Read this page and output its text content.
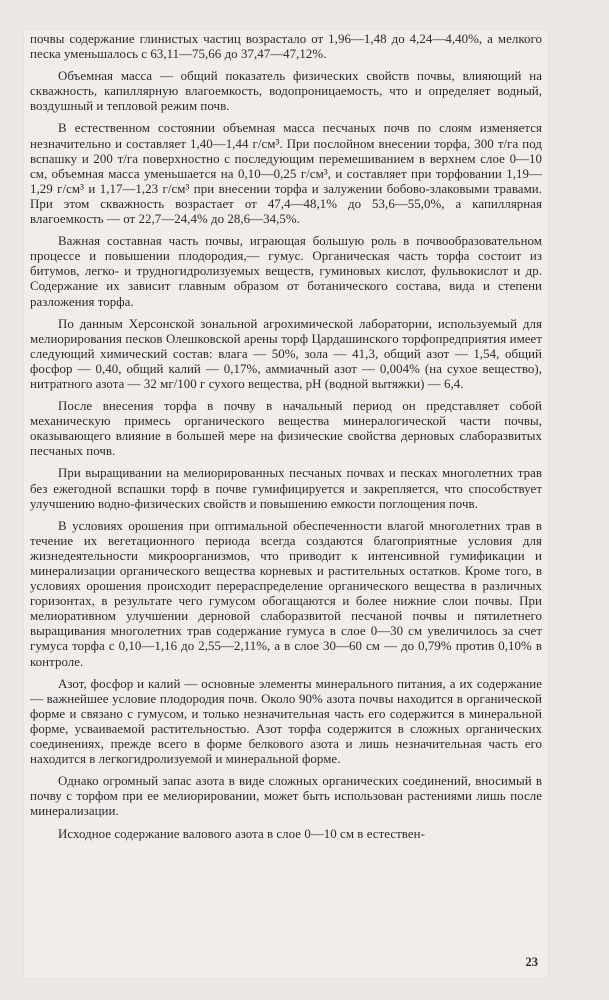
почвы содержание глинистых частиц возрастало от 1,96—1,48 до 4,24—4,40%, а мелкого песка уменьшалось с 63,11—75,66 до 37,47—47,12%.

Объемная масса — общий показатель физических свойств почвы, влияющий на скважность, капиллярную влагоемкость, водопроницаемость, что и определяет водный, воздушный и тепловой режим почв.

В естественном состоянии объемная масса песчаных почв по слоям изменяется незначительно и составляет 1,40—1,44 г/см³. При послойном внесении торфа, 300 т/га под вспашку и 200 т/га поверхностно с последующим перемешиванием в верхнем слое 0—10 см, объемная масса уменьшается на 0,10—0,25 г/см³, и составляет при торфовании 1,19—1,29 г/см³ и 1,17—1,23 г/см³ при внесении торфа и залужении бобово-злаковыми травами. При этом скважность возрастает от 47,4—48,1% до 53,6—55,0%, а капиллярная влагоемкость — от 22,7—24,4% до 28,6—34,5%.

Важная составная часть почвы, играющая большую роль в почвообразовательном процессе и повышении плодородия,— гумус. Органическая часть торфа состоит из битумов, легко- и трудногидролизуемых веществ, гуминовых кислот, фульвокислот и др. Содержание их зависит главным образом от ботанического состава, вида и степени разложения торфа.

По данным Херсонской зональной агрохимической лаборатории, используемый для мелиорирования песков Олешковской арены торф Цардашинского торфопредприятия имеет следующий химический состав: влага — 50%, зола — 41,3, общий азот — 1,54, общий фосфор — 0,40, общий калий — 0,17%, аммиачный азот — 0,004% (на сухое вещество), нитратного азота — 32 мг/100 г сухого вещества, рН (водной вытяжки) — 6,4.

После внесения торфа в почву в начальный период он представляет собой механическую примесь органического вещества минералогической части почвы, оказывающего влияние в большей мере на физические свойства дерновых слаборазвитых песчаных почв.

При выращивании на мелиорированных песчаных почвах и песках многолетних трав без ежегодной вспашки торф в почве гумифицируется и закрепляется, что способствует улучшению водно-физических свойств и повышению емкости поглощения почв.

В условиях орошения при оптимальной обеспеченности влагой многолетних трав в течение их вегетационного периода всегда создаются благоприятные условия для жизнедеятельности микроорганизмов, что приводит к интенсивной гумификации и минерализации органического вещества корневых и растительных остатков. Кроме того, в условиях орошения происходит перераспределение органического вещества в различных горизонтах, в результате чего гумусом обогащаются и более нижние слои почвы. При мелиоративном улучшении дерновой слаборазвитой песчаной почвы и пятилетнего выращивания многолетних трав содержание гумуса в слое 0—30 см увеличилось за счет гумуса торфа с 0,10—1,16 до 2,55—2,11%, а в слое 30—60 см — до 0,79% против 0,10% в контроле.

Азот, фосфор и калий — основные элементы минерального питания, а их содержание — важнейшее условие плодородия почв. Около 90% азота почвы находится в органической форме и связано с гумусом, и только незначительная часть его содержится в минеральной форме, усваиваемой растительностью. Азот торфа содержится в сложных органических соединениях, прежде всего в форме белкового азота и лишь незначительная часть его находится в легкогидролизуемой и минеральной форме.

Однако огромный запас азота в виде сложных органических соединений, вносимый в почву с торфом при ее мелиорировании, может быть использован растениями лишь после минерализации.

Исходное содержание валового азота в слое 0—10 см в естествен-

23
